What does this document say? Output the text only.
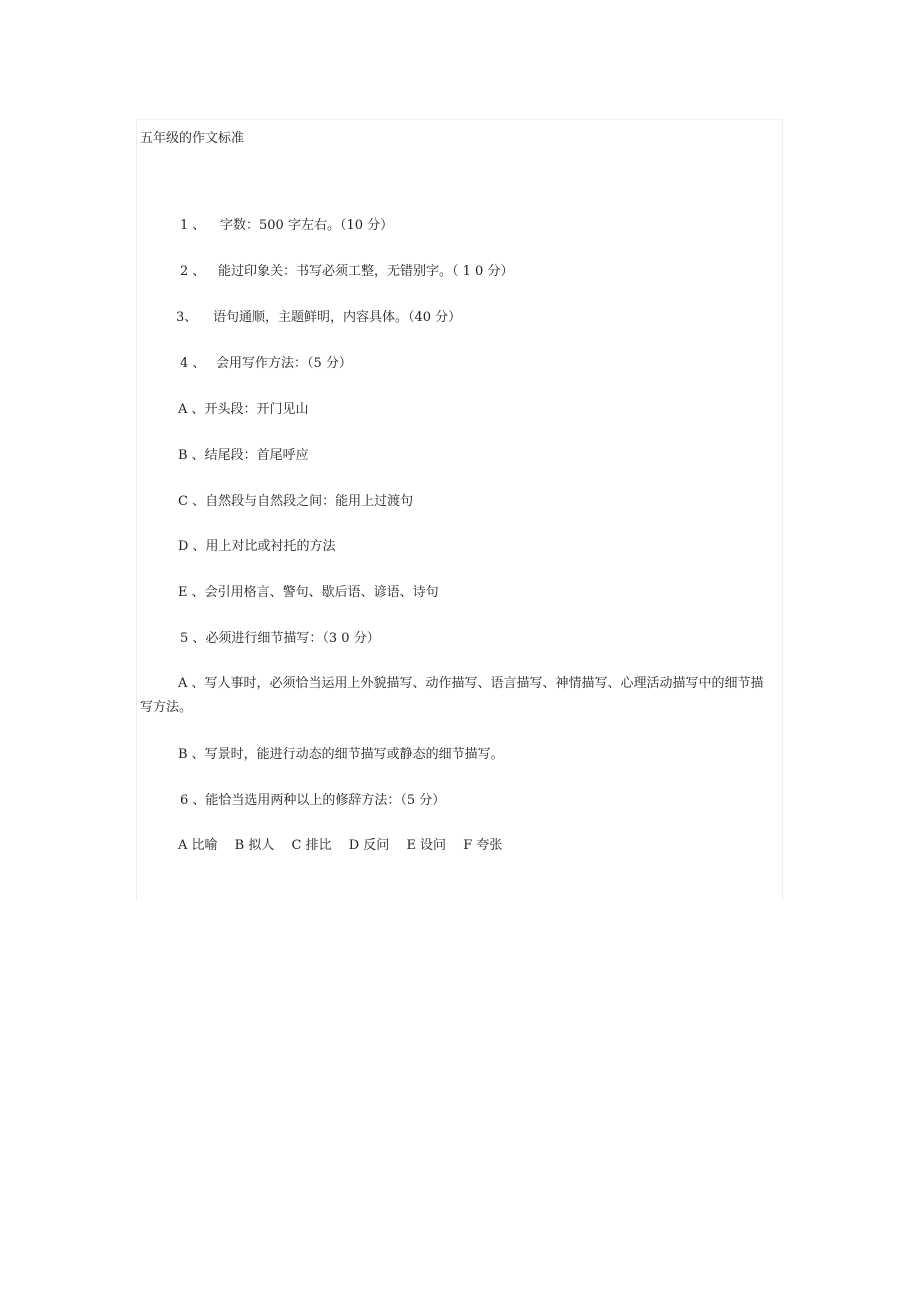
五年级的作文标准
1 、 字数：500 字左右。（10 分）
2 、 能过印象关：书写必须工整，无错别字。（ 1 0 分）
3、 语句通顺，主题鲜明，内容具体。（40 分）
4 、 会用写作方法：（5 分）
A 、开头段：开门见山
B 、结尾段：首尾呼应
C 、自然段与自然段之间：能用上过渡句
D 、用上对比或衬托的方法
E 、会引用格言、警句、歇后语、谚语、诗句
5 、必须进行细节描写：（3 0 分）
A 、写人事时，必须恰当运用上外貌描写、动作描写、语言描写、神情描写、心理活动描写中的细节描写方法。
B 、写景时，能进行动态的细节描写或静态的细节描写。
6 、能恰当选用两种以上的修辞方法：（5 分）
A 比喻 B 拟人 C 排比 D 反问 E 设问 F 夸张
